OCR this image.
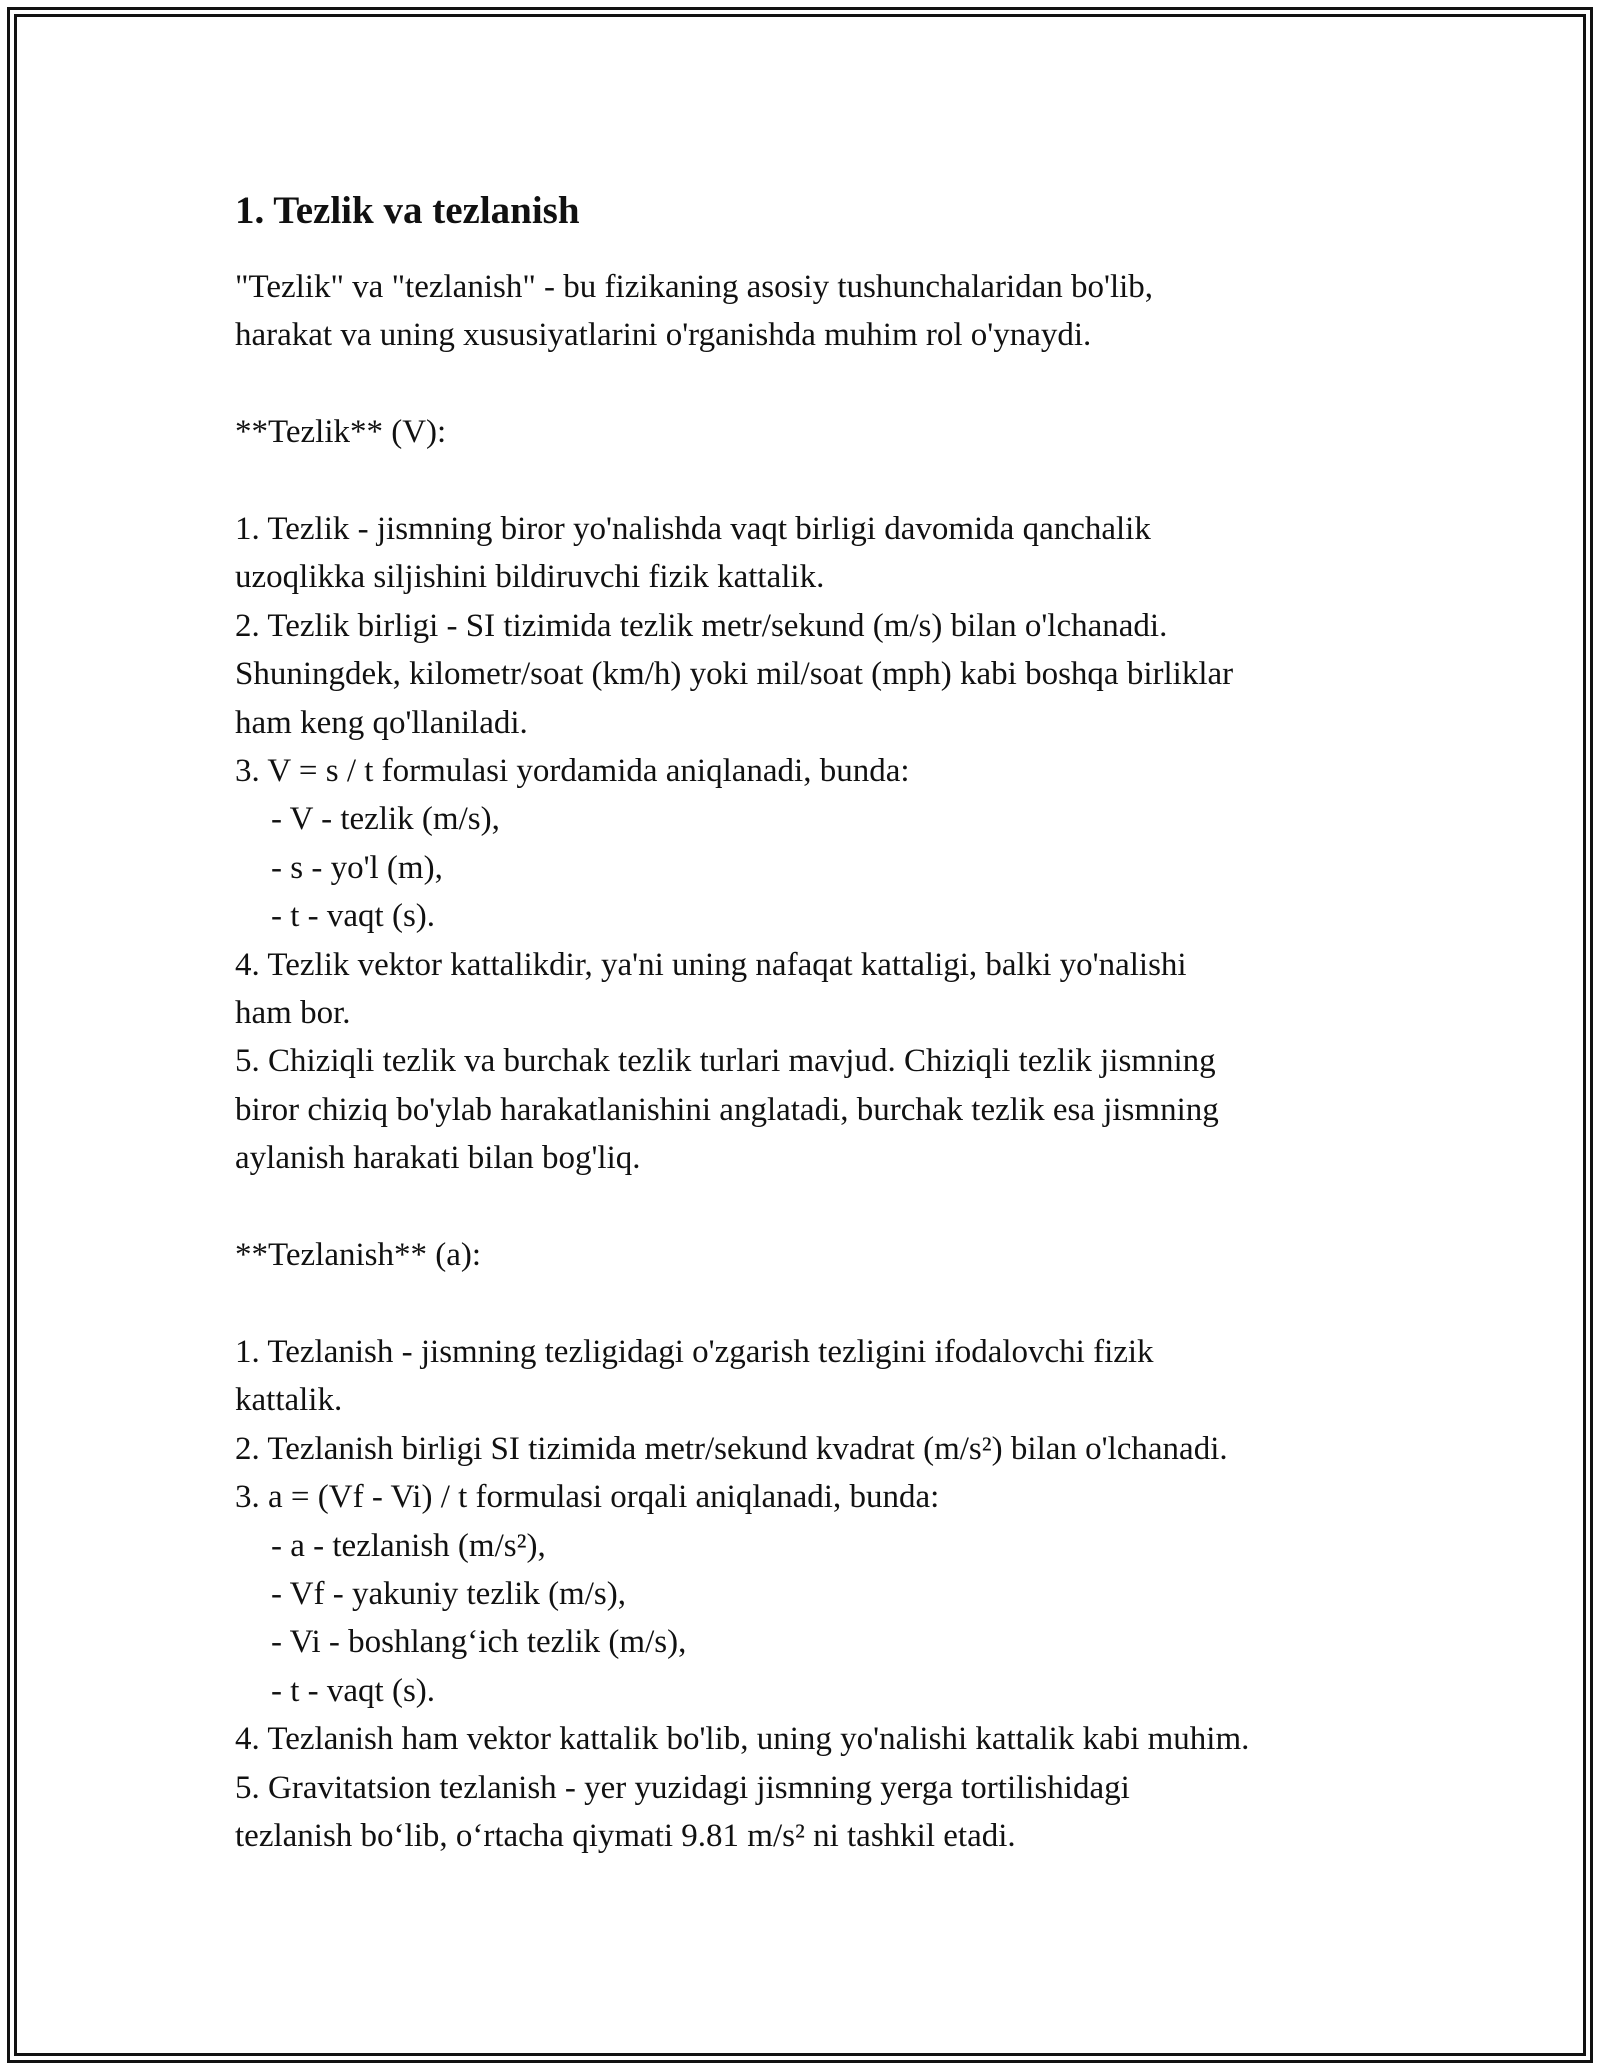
1. Tezlik va tezlanish

"Tezlik" va "tezlanish" - bu fizikaning asosiy tushunchalaridan bo'lib,

harakat va uning xususiyatlarini o'rganishda muhim rol o'ynaydi.

**Tezlik** (V):

1. Tezlik - jismning biror yo'nalishda vaqt birligi davomida qanchalik

uzoqlikka siljishini bildiruvchi fizik kattalik.

2. Tezlik birligi - SI tizimida tezlik metr/sekund (m/s) bilan o'lchanadi.

Shuningdek, kilometr/soat (km/h) yoki mil/soat (mph) kabi boshqa birliklar

ham keng qo'llaniladi.

3. V = s / t formulasi yordamida aniqlanadi, bunda:

- V - tezlik (m/s),

- s - yo'l (m),

- t - vaqt (s).

4. Tezlik vektor kattalikdir, ya'ni uning nafaqat kattaligi, balki yo'nalishi

ham bor.

5. Chiziqli tezlik va burchak tezlik turlari mavjud. Chiziqli tezlik jismning

biror chiziq bo'ylab harakatlanishini anglatadi, burchak tezlik esa jismning

aylanish harakati bilan bog'liq.

**Tezlanish** (a):

1. Tezlanish - jismning tezligidagi o'zgarish tezligini ifodalovchi fizik

kattalik.

2. Tezlanish birligi SI tizimida metr/sekund kvadrat (m/s²) bilan o'lchanadi.

3. a = (Vf - Vi) / t formulasi orqali aniqlanadi, bunda:

- a - tezlanish (m/s²),

- Vf - yakuniy tezlik (m/s),

- Vi - boshlang‘ich tezlik (m/s),

- t - vaqt (s).

4. Tezlanish ham vektor kattalik bo'lib, uning yo'nalishi kattalik kabi muhim.

5. Gravitatsion tezlanish - yer yuzidagi jismning yerga tortilishidagi

tezlanish bo‘lib, o‘rtacha qiymati 9.81 m/s² ni tashkil etadi.
